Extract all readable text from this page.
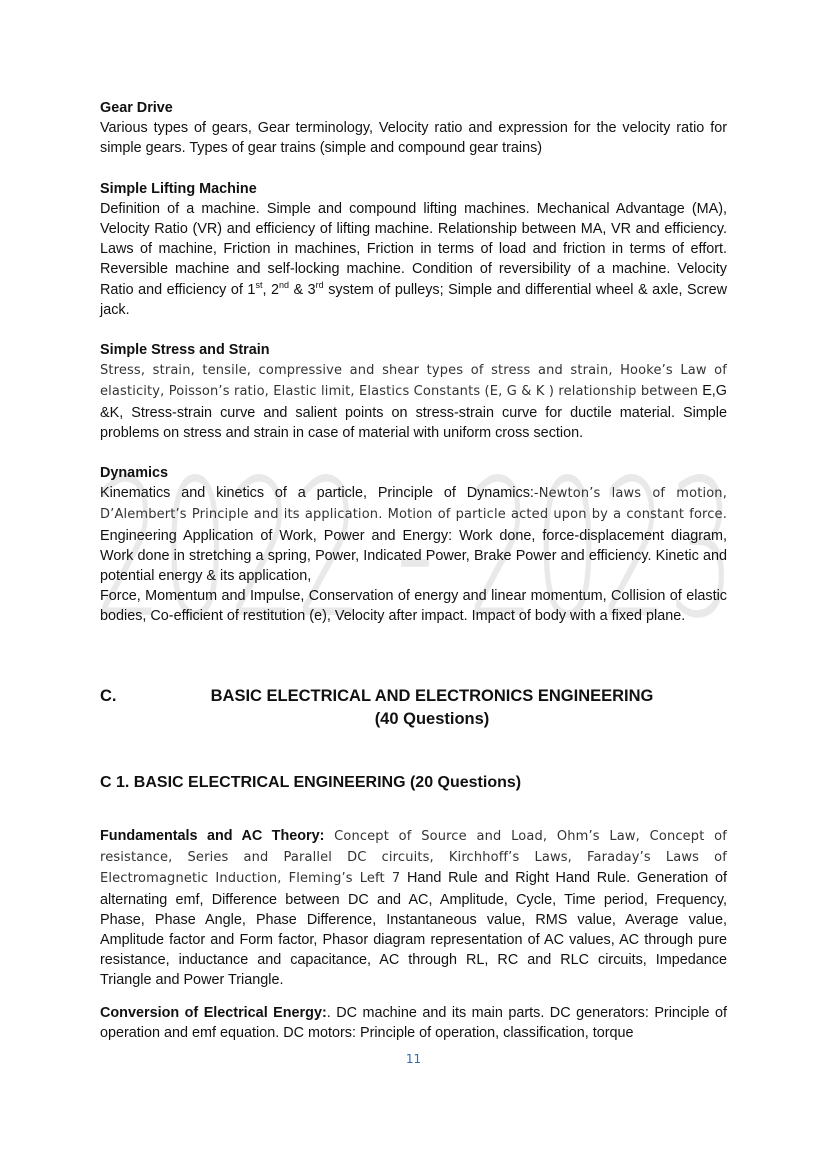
2022 - 2023
Gear Drive

Various types of gears, Gear terminology, Velocity ratio and expression for the velocity ratio for simple gears. Types of gear trains (simple and compound gear trains)

Simple Lifting Machine

Definition of a machine. Simple and compound lifting machines. Mechanical Advantage (MA), Velocity Ratio (VR) and efficiency of lifting machine. Relationship between MA, VR and efficiency. Laws of machine, Friction in machines, Friction in terms of load and friction in terms of effort. Reversible machine and self-locking machine. Condition of reversibility of a machine. Velocity Ratio and efficiency of 1st, 2nd & 3rd system of pulleys; Simple and differential wheel & axle, Screw jack.

Simple Stress and Strain

Stress, strain, tensile, compressive and shear types of stress and strain, Hooke’s Law of elasticity, Poisson’s ratio, Elastic limit, Elastics Constants (E, G & K ) relationship between E,G &K, Stress-strain curve and salient points on stress-strain curve for ductile material. Simple problems on stress and strain in case of material with uniform cross section.

Dynamics

Kinematics and kinetics of a particle, Principle of Dynamics:-Newton’s laws of motion, D’Alembert’s Principle and its application. Motion of particle acted upon by a constant force. Engineering Application of Work, Power and Energy: Work done, force-displacement diagram, Work done in stretching a spring, Power, Indicated Power, Brake Power and efficiency. Kinetic and potential energy & its application,

Force, Momentum and Impulse, Conservation of energy and linear momentum, Collision of elastic bodies, Co-efficient of restitution (e), Velocity after impact. Impact of body with a fixed plane.

C.	BASIC ELECTRICAL AND ELECTRONICS ENGINEERING
(40 Questions)
C 1. BASIC ELECTRICAL ENGINEERING (20 Questions)

Fundamentals and AC Theory: Concept of Source and Load, Ohm’s Law, Concept of resistance, Series and Parallel DC circuits, Kirchhoff’s Laws, Faraday’s Laws of Electromagnetic Induction, Fleming’s Left 7 Hand Rule and Right Hand Rule. Generation of alternating emf, Difference between DC and AC, Amplitude, Cycle, Time period, Frequency, Phase, Phase Angle, Phase Difference, Instantaneous value, RMS value, Average value, Amplitude factor and Form factor, Phasor diagram representation of AC values, AC through pure resistance, inductance and capacitance, AC through RL, RC and RLC circuits, Impedance Triangle and Power Triangle.

Conversion of Electrical Energy:. DC machine and its main parts. DC generators: Principle of operation and emf equation. DC motors: Principle of operation, classification, torque

11
